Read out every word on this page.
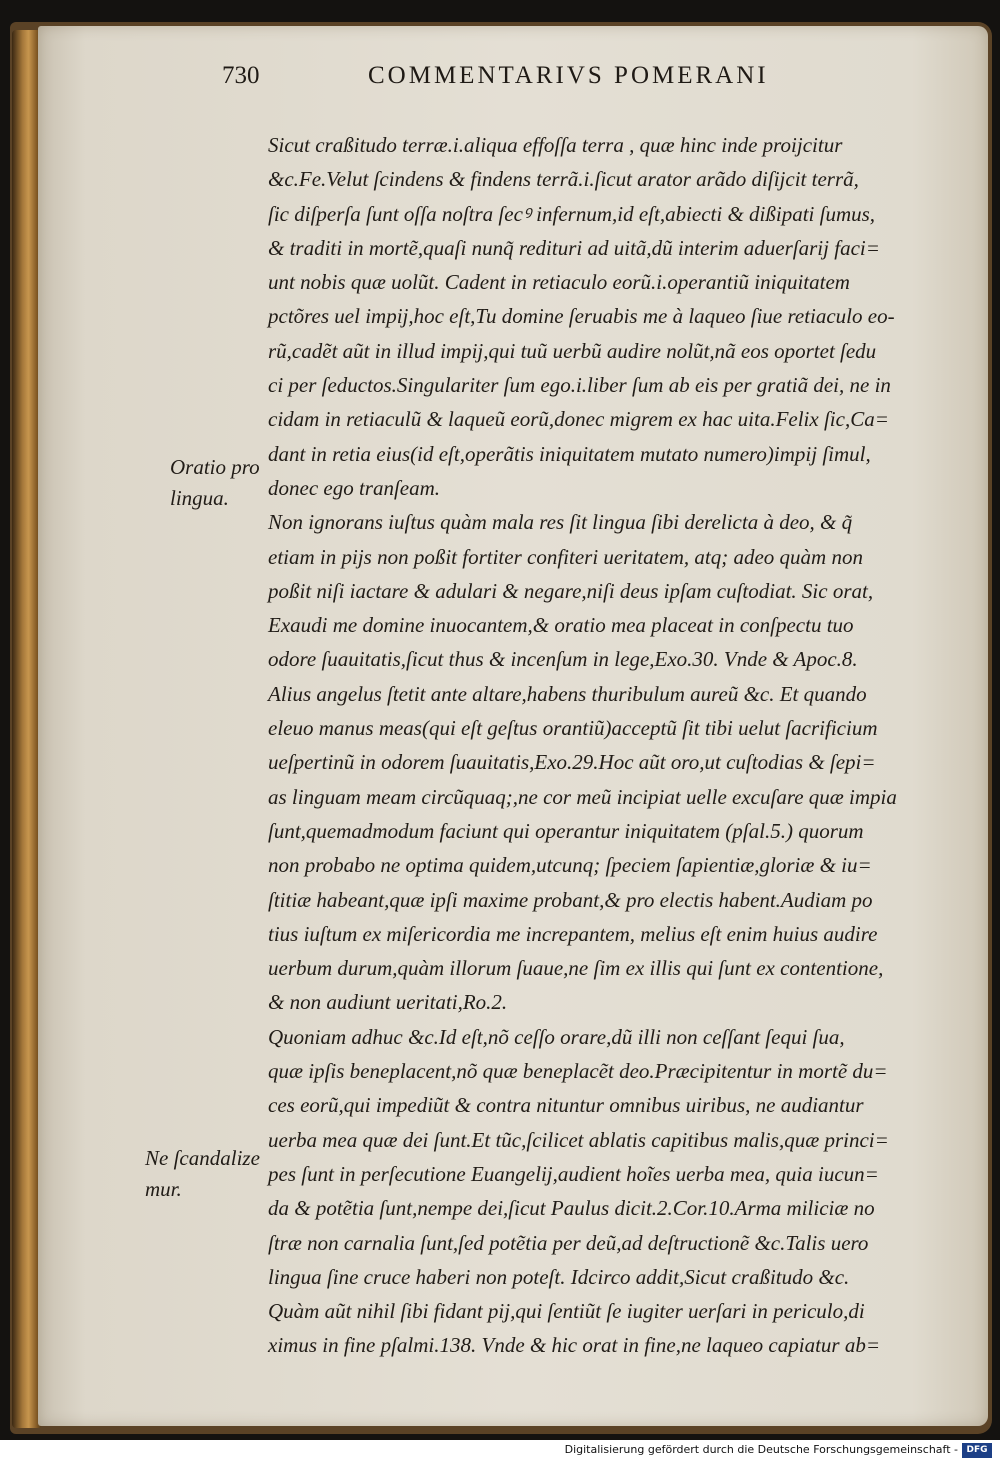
730	COMMENTARIVS POMERANI
Sicut craßitudo terræ.i.aliqua effoſſa terra , quæ hinc inde proijcitur
&c.Fe.Velut ſcindens & findens terrã.i.ſicut arator arãdo diſijcit terrã,
ſic diſperſa ſunt oſſa noſtra ſecꝰ infernum,id eſt,abiecti & dißipati ſumus,
& traditi in mortẽ,quaſi nunq̃ redituri ad uitã,dũ interim aduerſarij faci=
unt nobis quæ uolũt. Cadent in retiaculo eorũ.i.operantiũ iniquitatem
pctõres uel impij,hoc eſt,Tu domine ſeruabis me à laqueo ſiue retiaculo eo-
rũ,cadẽt aũt in illud impij,qui tuũ uerbũ audire nolũt,nã eos oportet ſedu
ci per ſeductos.Singulariter ſum ego.i.liber ſum ab eis per gratiã dei, ne in
cidam in retiaculũ & laqueũ eorũ,donec migrem ex hac uita.Felix ſic,Ca=
dant in retia eius(id eſt,operãtis iniquitatem mutato numero)impij ſimul,
donec ego tranſeam.
Non ignorans iuſtus quàm mala res ſit lingua ſibi derelicta à deo, & q̃
etiam in pijs non poßit fortiter confiteri ueritatem, atq; adeo quàm non
poßit niſi iactare & adulari & negare,niſi deus ipſam cuſtodiat. Sic orat,
Exaudi me domine inuocantem,& oratio mea placeat in conſpectu tuo
odore ſuauitatis,ſicut thus & incenſum in lege,Exo.30. Vnde & Apoc.8.
Alius angelus ſtetit ante altare,habens thuribulum aureũ &c. Et quando
eleuo manus meas(qui eſt geſtus orantiũ)acceptũ ſit tibi uelut ſacrificium
ueſpertinũ in odorem ſuauitatis,Exo.29.Hoc aũt oro,ut cuſtodias & ſepi=
as linguam meam circũquaq;,ne cor meũ incipiat uelle excuſare quæ impia
ſunt,quemadmodum faciunt qui operantur iniquitatem (pſal.5.) quorum
non probabo ne optima quidem,utcunq; ſpeciem ſapientiæ,gloriæ & iu=
ſtitiæ habeant,quæ ipſi maxime probant,& pro electis habent.Audiam po
tius iuſtum ex miſericordia me increpantem, melius eſt enim huius audire
uerbum durum,quàm illorum ſuaue,ne ſim ex illis qui ſunt ex contentione,
& non audiunt ueritati,Ro.2.
Quoniam adhuc &c.Id eſt,nõ ceſſo orare,dũ illi non ceſſant ſequi ſua,
quæ ipſis beneplacent,nõ quæ beneplacẽt deo.Præcipitentur in mortẽ du=
ces eorũ,qui impediũt & contra nituntur omnibus uiribus, ne audiantur
uerba mea quæ dei ſunt.Et tũc,ſcilicet ablatis capitibus malis,quæ princi=
pes ſunt in perſecutione Euangelij,audient hoĩes uerba mea, quia iucun=
da & potẽtia ſunt,nempe dei,ſicut Paulus dicit.2.Cor.10.Arma miliciæ no
ſtræ non carnalia ſunt,ſed potẽtia per deũ,ad deſtructionẽ &c.Talis uero
lingua ſine cruce haberi non poteſt. Idcirco addit,Sicut craßitudo &c.
Quàm aũt nihil ſibi fidant pij,qui ſentiũt ſe iugiter uerſari in periculo,di
ximus in fine pſalmi.138. Vnde & hic orat in fine,ne laqueo capiatur ab=
Oratio pro
lingua.
Ne ſcandalize
mur.
Digitalisierung gefördert durch die Deutsche Forschungsgemeinschaft - DFG
